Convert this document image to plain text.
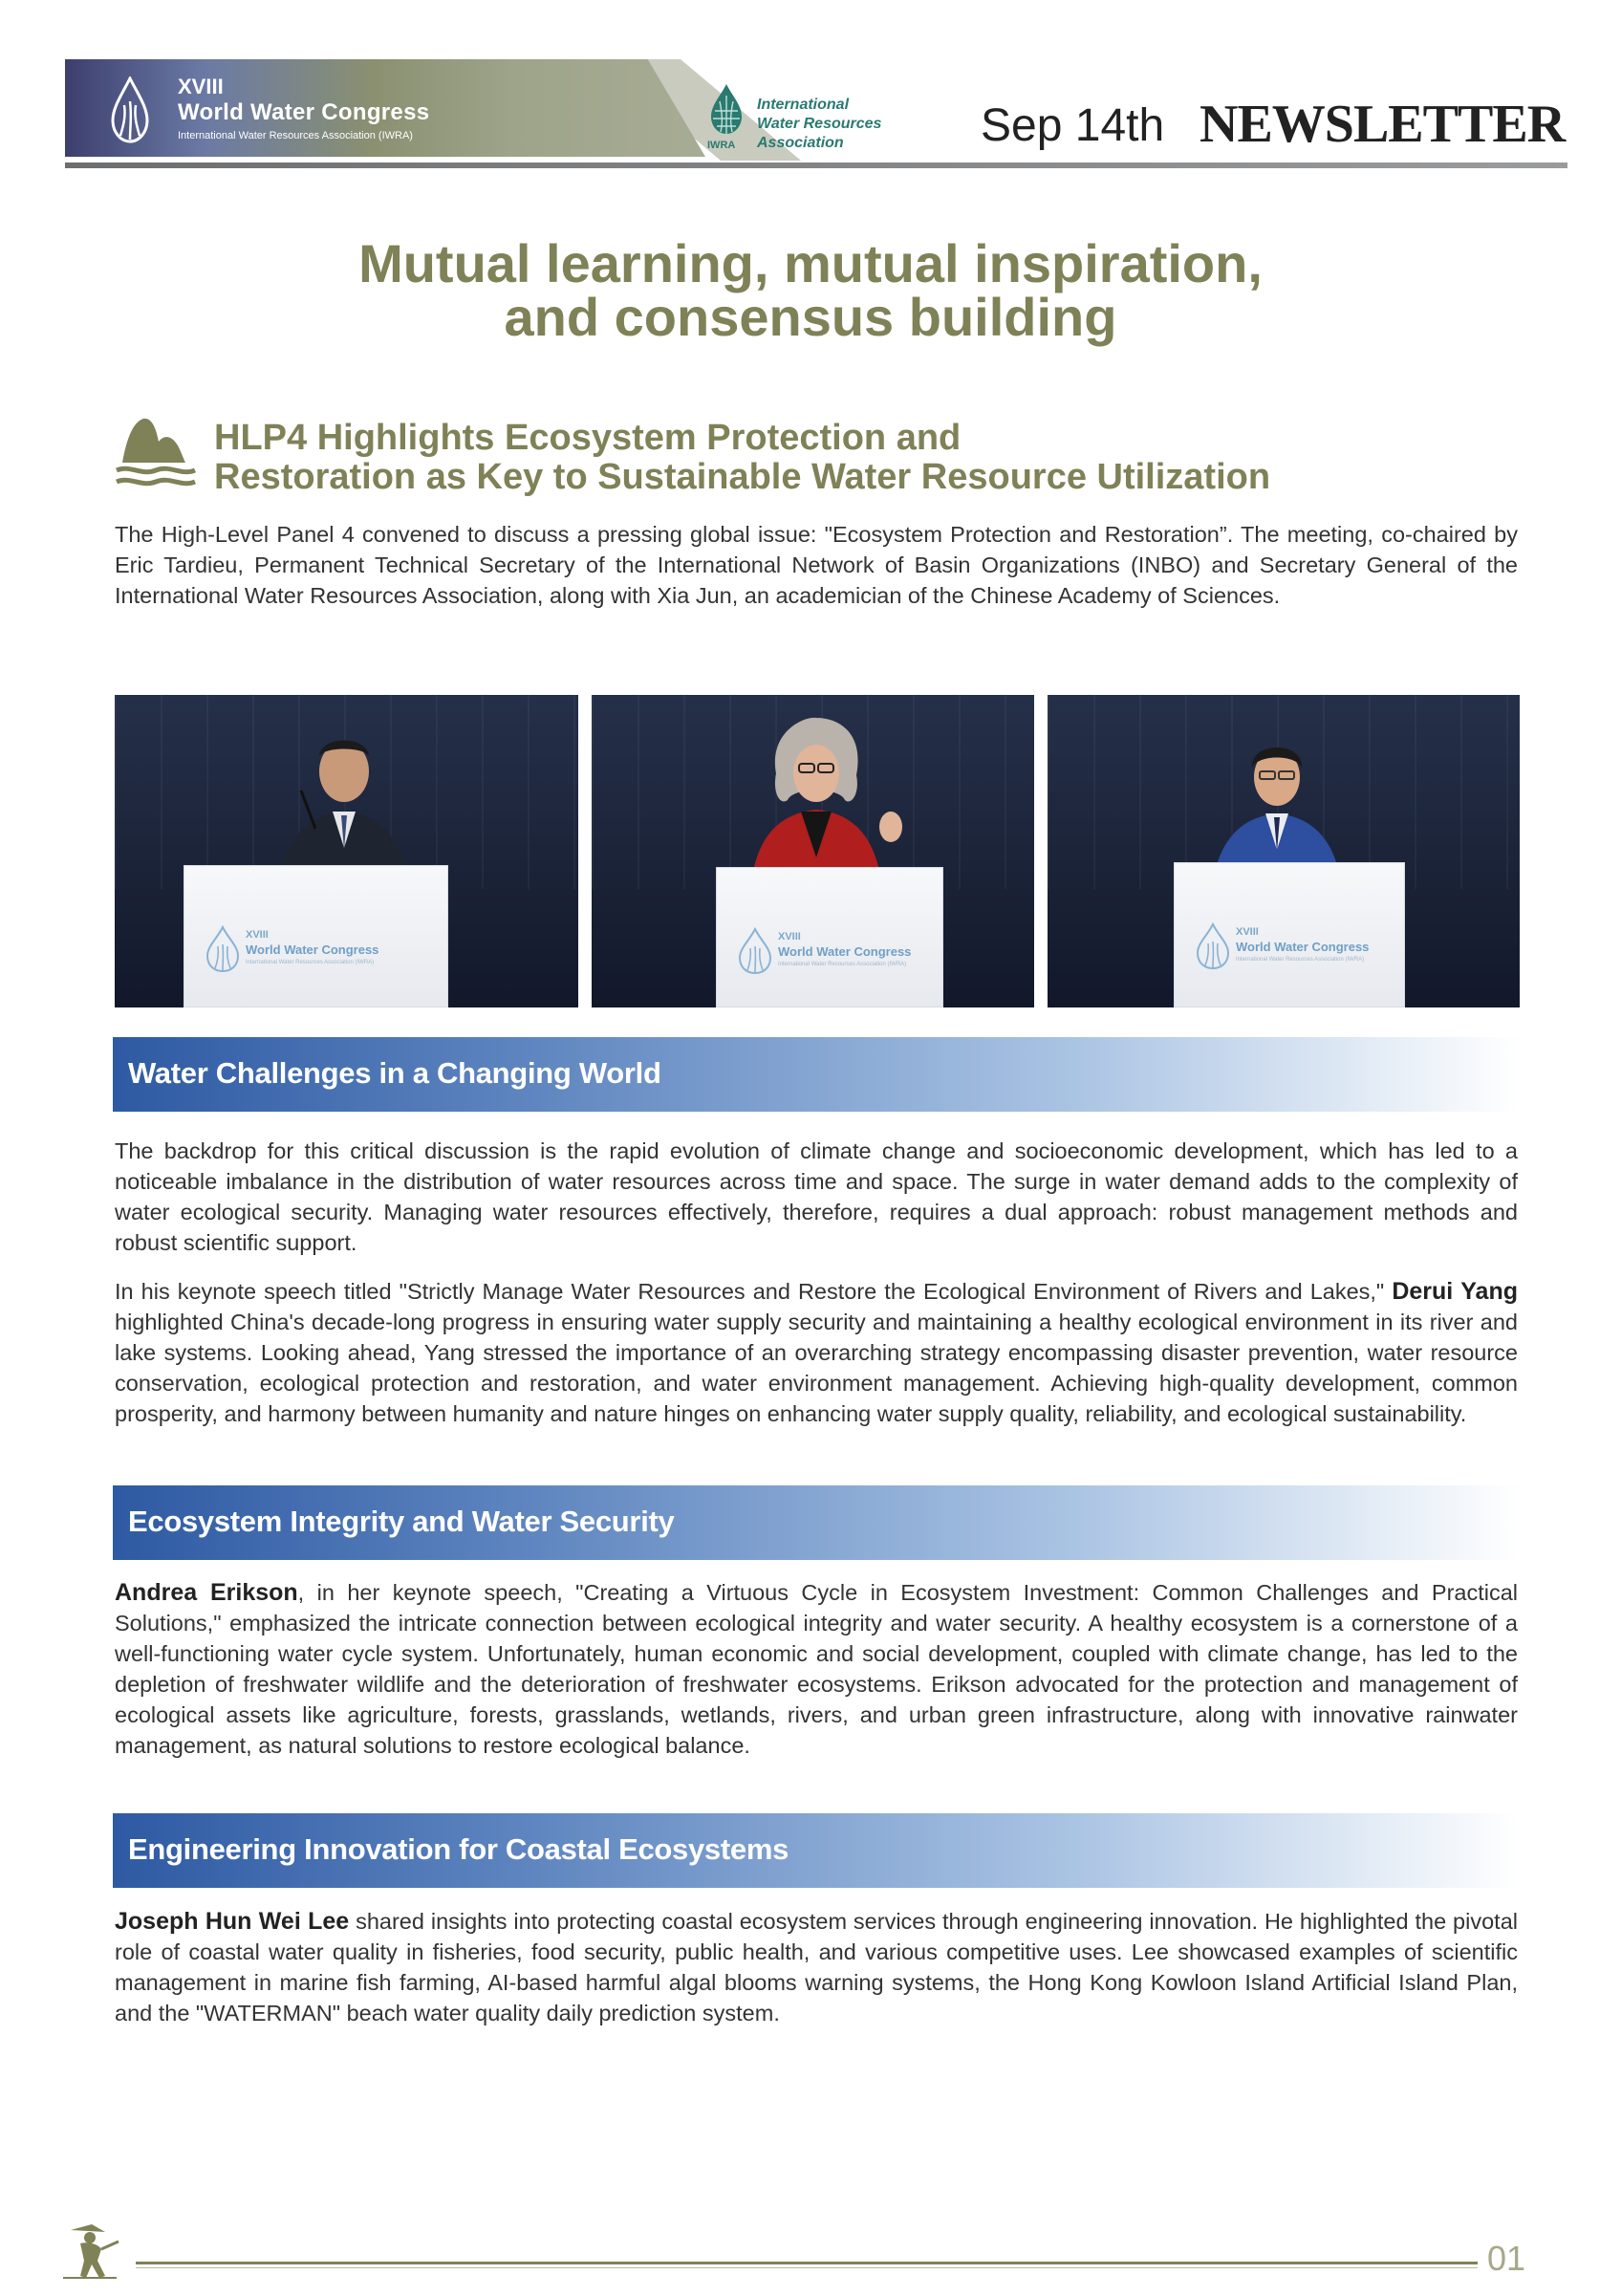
XVIII
World Water Congress
International Water Resources Association (IWRA)
IWRA
International
Water Resources
Association	Sep 14th NEWSLETTER
Mutual learning, mutual inspiration,
and consensus building
HLP4 Highlights Ecosystem Protection and
Restoration as Key to Sustainable Water Resource Utilization
The High-Level Panel 4 convened to discuss a pressing global issue: "Ecosystem Protection and Restoration”. The meeting, co-chaired by Eric Tardieu, Permanent Technical Secretary of the International Network of Basin Organizations (INBO) and Secretary General of the International Water Resources Association, along with Xia Jun, an academician of the Chinese Academy of Sciences.
XVIII
World Water Congress
International Water Resources Association (IWRA)
XVIII
World Water Congress
International Water Resources Association (IWRA)
XVIII
World Water Congress
International Water Resources Association (IWRA)
Water Challenges in a Changing World
The backdrop for this critical discussion is the rapid evolution of climate change and socioeconomic development, which has led to a noticeable imbalance in the distribution of water resources across time and space. The surge in water demand adds to the complexity of water ecological security. Managing water resources effectively, therefore, requires a dual approach: robust management methods and robust scientific support.
In his keynote speech titled "Strictly Manage Water Resources and Restore the Ecological Environment of Rivers and Lakes," Derui Yang highlighted China's decade-long progress in ensuring water supply security and maintaining a healthy ecological environment in its river and lake systems. Looking ahead, Yang stressed the importance of an overarching strategy encompassing disaster prevention, water resource conservation, ecological protection and restoration, and water environment management. Achieving high-quality development, common prosperity, and harmony between humanity and nature hinges on enhancing water supply quality, reliability, and ecological sustainability.
Ecosystem Integrity and Water Security
Andrea Erikson, in her keynote speech, "Creating a Virtuous Cycle in Ecosystem Investment: Common Challenges and Practical Solutions," emphasized the intricate connection between ecological integrity and water security. A healthy ecosystem is a cornerstone of a well-functioning water cycle system. Unfortunately, human economic and social development, coupled with climate change, has led to the depletion of freshwater wildlife and the deterioration of freshwater ecosystems. Erikson advocated for the protection and management of ecological assets like agriculture, forests, grasslands, wetlands, rivers, and urban green infrastructure, along with innovative rainwater management, as natural solutions to restore ecological balance.
Engineering Innovation for Coastal Ecosystems
Joseph Hun Wei Lee shared insights into protecting coastal ecosystem services through engineering innovation. He highlighted the pivotal role of coastal water quality in fisheries, food security, public health, and various competitive uses. Lee showcased examples of scientific management in marine fish farming, AI-based harmful algal blooms warning systems, the Hong Kong Kowloon Island Artificial Island Plan, and the "WATERMAN" beach water quality daily prediction system.
01
